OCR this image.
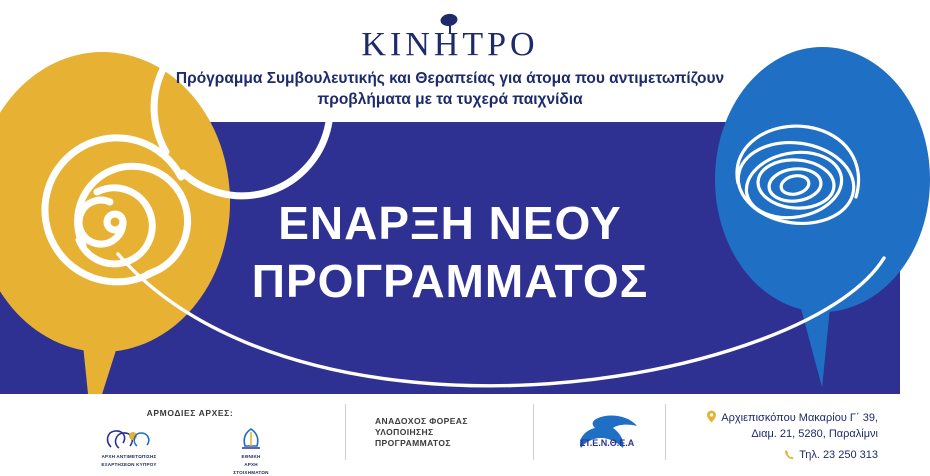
ΚΙΝΗΤΡΟ
Πρόγραμμα Συμβουλευτικής και Θεραπείας για άτομα που αντιμετωπίζουν
προβλήματα με τα τυχερά παιχνίδια
ΕΝΑΡΞΗ ΝΕΟΥ
ΠΡΟΓΡΑΜΜΑΤΟΣ
ΑΡΜΟΔΙΕΣ ΑΡΧΕΣ:
ΑΡΧΗ ΑΝΤΙΜΕΤΩΠΙΣΗΣ
ΕΞΑΡΤΗΣΕΩΝ ΚΥΠΡΟΥ
ΕΘΝΙΚΗ
ΑΡΧΗ
ΣΤΟΙΧΗΜΑΤΩΝ
ΑΝΑΔΟΧΟΣ ΦΟΡΕΑΣ
ΥΛΟΠΟΙΗΣΗΣ
ΠΡΟΓΡΑΜΜΑΤΟΣ	ΣΤ.Ε.Ν.Θ.Ε.Α
Αρχιεπισκόπου Μακαρίου Γ΄ 39,
Διαμ. 21, 5280, Παραλίμνι
Τηλ. 23 250 313
